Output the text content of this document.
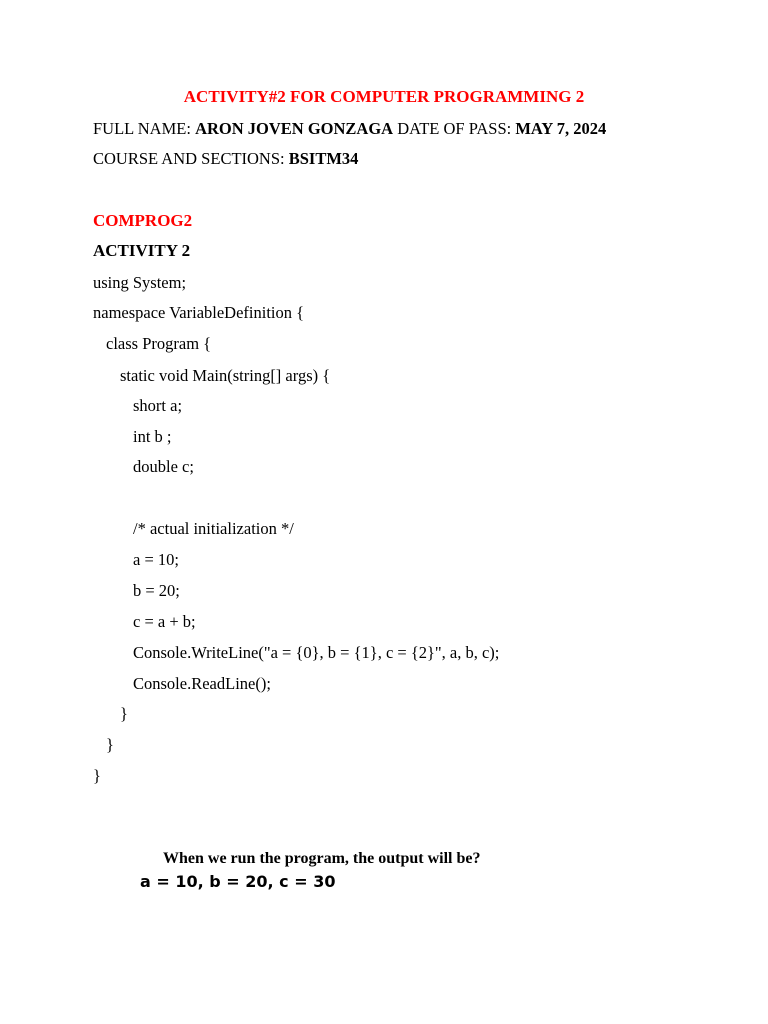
ACTIVITY#2 FOR COMPUTER PROGRAMMING 2
FULL NAME: ARON JOVEN GONZAGA DATE OF PASS: MAY 7, 2024
COURSE AND SECTIONS: BSITM34
COMPROG2
ACTIVITY 2
using System;
namespace VariableDefinition {
class Program {
static void Main(string[] args) {
short a;
int b ;
double c;
/* actual initialization */
a = 10;
b = 20;
c = a + b;
Console.WriteLine("a = {0}, b = {1}, c = {2}", a, b, c);
Console.ReadLine();
}
}
}
When we run the program, the output will be?
a = 10, b = 20, c = 30
